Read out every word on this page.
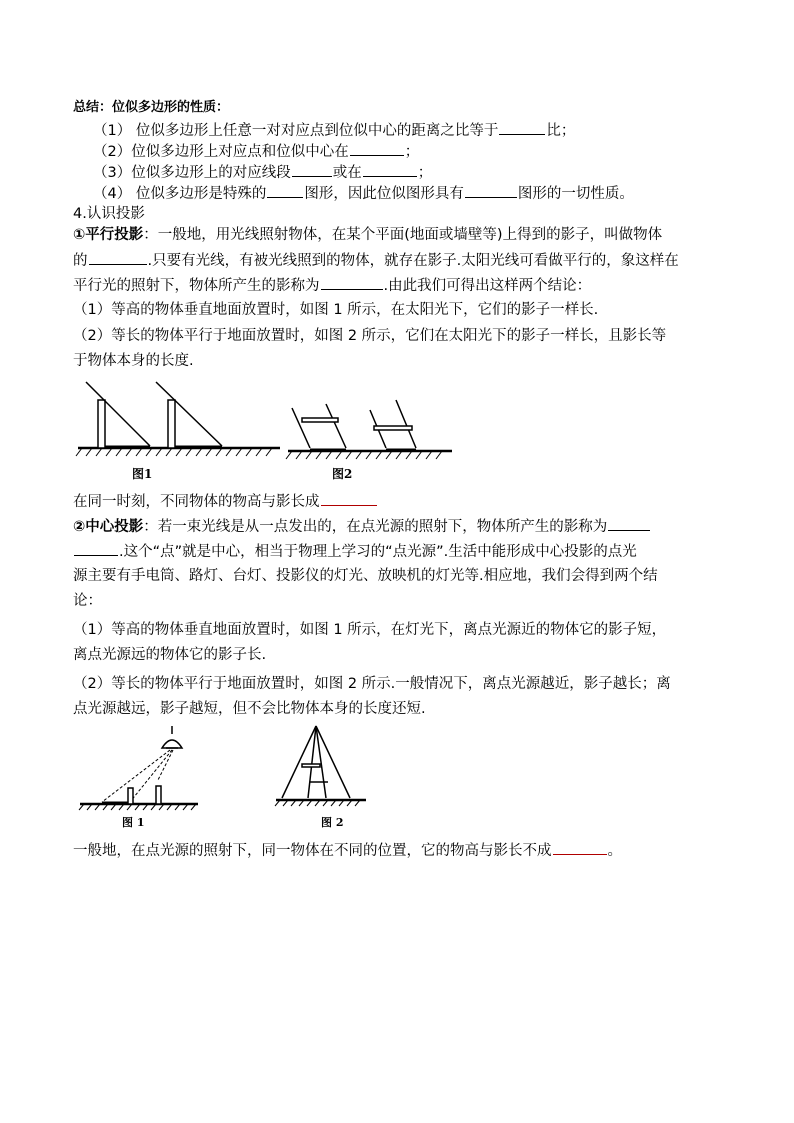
总结：位似多边形的性质：
（1） 位似多边形上任意一对对应点到位似中心的距离之比等于	比；
（2）位似多边形上对应点和位似中心在	；
（3）位似多边形上的对应线段	或在	；
（4） 位似多边形是特殊的	图形，因此位似图形具有	图形的一切性质。
4.认识投影
①平行投影：一般地，用光线照射物体，在某个平面(地面或墙壁等)上得到的影子，叫做物体
的	.只要有光线，有被光线照到的物体，就存在影子.太阳光线可看做平行的，象这样在
平行光的照射下，物体所产生的影称为	.由此我们可得出这样两个结论：
（1）等高的物体垂直地面放置时，如图 1 所示，在太阳光下，它们的影子一样长.
（2）等长的物体平行于地面放置时，如图 2 所示，它们在太阳光下的影子一样长，且影长等
于物体本身的长度.
图1	图2
在同一时刻，不同物体的物高与影长成
②中心投影：若一束光线是从一点发出的，在点光源的照射下，物体所产生的影称为
.这个“点”就是中心，相当于物理上学习的“点光源”.生活中能形成中心投影的点光
源主要有手电筒、路灯、台灯、投影仪的灯光、放映机的灯光等.相应地，我们会得到两个结
论：
（1）等高的物体垂直地面放置时，如图 1 所示，在灯光下，离点光源近的物体它的影子短，
离点光源远的物体它的影子长.
（2）等长的物体平行于地面放置时，如图 2 所示.一般情况下，离点光源越近，影子越长；离
点光源越远，影子越短，但不会比物体本身的长度还短.
图 1	图 2
一般地，在点光源的照射下，同一物体在不同的位置，它的物高与影长不成	。
